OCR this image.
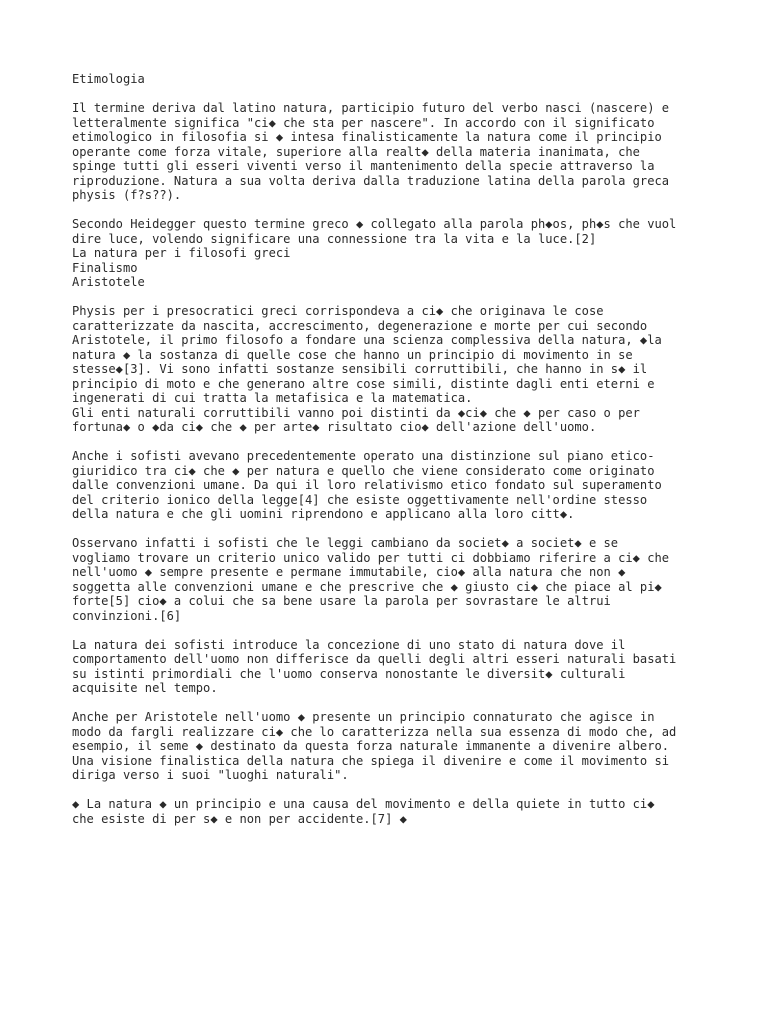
Etimologia
Il termine deriva dal latino natura, participio futuro del verbo nasci (nascere) e
letteralmente significa "ci◆ che sta per nascere". In accordo con il significato
etimologico in filosofia si ◆ intesa finalisticamente la natura come il principio
operante come forza vitale, superiore alla realt◆ della materia inanimata, che
spinge tutti gli esseri viventi verso il mantenimento della specie attraverso la
riproduzione. Natura a sua volta deriva dalla traduzione latina della parola greca
physis (f?s??).
Secondo Heidegger questo termine greco ◆ collegato alla parola ph◆os, ph◆s che vuol
dire luce, volendo significare una connessione tra la vita e la luce.[2]
La natura per i filosofi greci
Finalismo
Aristotele
Physis per i presocratici greci corrispondeva a ci◆ che originava le cose
caratterizzate da nascita, accrescimento, degenerazione e morte per cui secondo
Aristotele, il primo filosofo a fondare una scienza complessiva della natura, ◆la
natura ◆ la sostanza di quelle cose che hanno un principio di movimento in se
stesse◆[3]. Vi sono infatti sostanze sensibili corruttibili, che hanno in s◆ il
principio di moto e che generano altre cose simili, distinte dagli enti eterni e
ingenerati di cui tratta la metafisica e la matematica.
Gli enti naturali corruttibili vanno poi distinti da ◆ci◆ che ◆ per caso o per
fortuna◆ o ◆da ci◆ che ◆ per arte◆ risultato cio◆ dell'azione dell'uomo.
Anche i sofisti avevano precedentemente operato una distinzione sul piano etico-
giuridico tra ci◆ che ◆ per natura e quello che viene considerato come originato
dalle convenzioni umane. Da qui il loro relativismo etico fondato sul superamento
del criterio ionico della legge[4] che esiste oggettivamente nell'ordine stesso
della natura e che gli uomini riprendono e applicano alla loro citt◆.
Osservano infatti i sofisti che le leggi cambiano da societ◆ a societ◆ e se
vogliamo trovare un criterio unico valido per tutti ci dobbiamo riferire a ci◆ che
nell'uomo ◆ sempre presente e permane immutabile, cio◆ alla natura che non ◆
soggetta alle convenzioni umane e che prescrive che ◆ giusto ci◆ che piace al pi◆
forte[5] cio◆ a colui che sa bene usare la parola per sovrastare le altrui
convinzioni.[6]
La natura dei sofisti introduce la concezione di uno stato di natura dove il
comportamento dell'uomo non differisce da quelli degli altri esseri naturali basati
su istinti primordiali che l'uomo conserva nonostante le diversit◆ culturali
acquisite nel tempo.
Anche per Aristotele nell'uomo ◆ presente un principio connaturato che agisce in
modo da fargli realizzare ci◆ che lo caratterizza nella sua essenza di modo che, ad
esempio, il seme ◆ destinato da questa forza naturale immanente a divenire albero.
Una visione finalistica della natura che spiega il divenire e come il movimento si
diriga verso i suoi "luoghi naturali".
◆ La natura ◆ un principio e una causa del movimento e della quiete in tutto ci◆
che esiste di per s◆ e non per accidente.[7] ◆
